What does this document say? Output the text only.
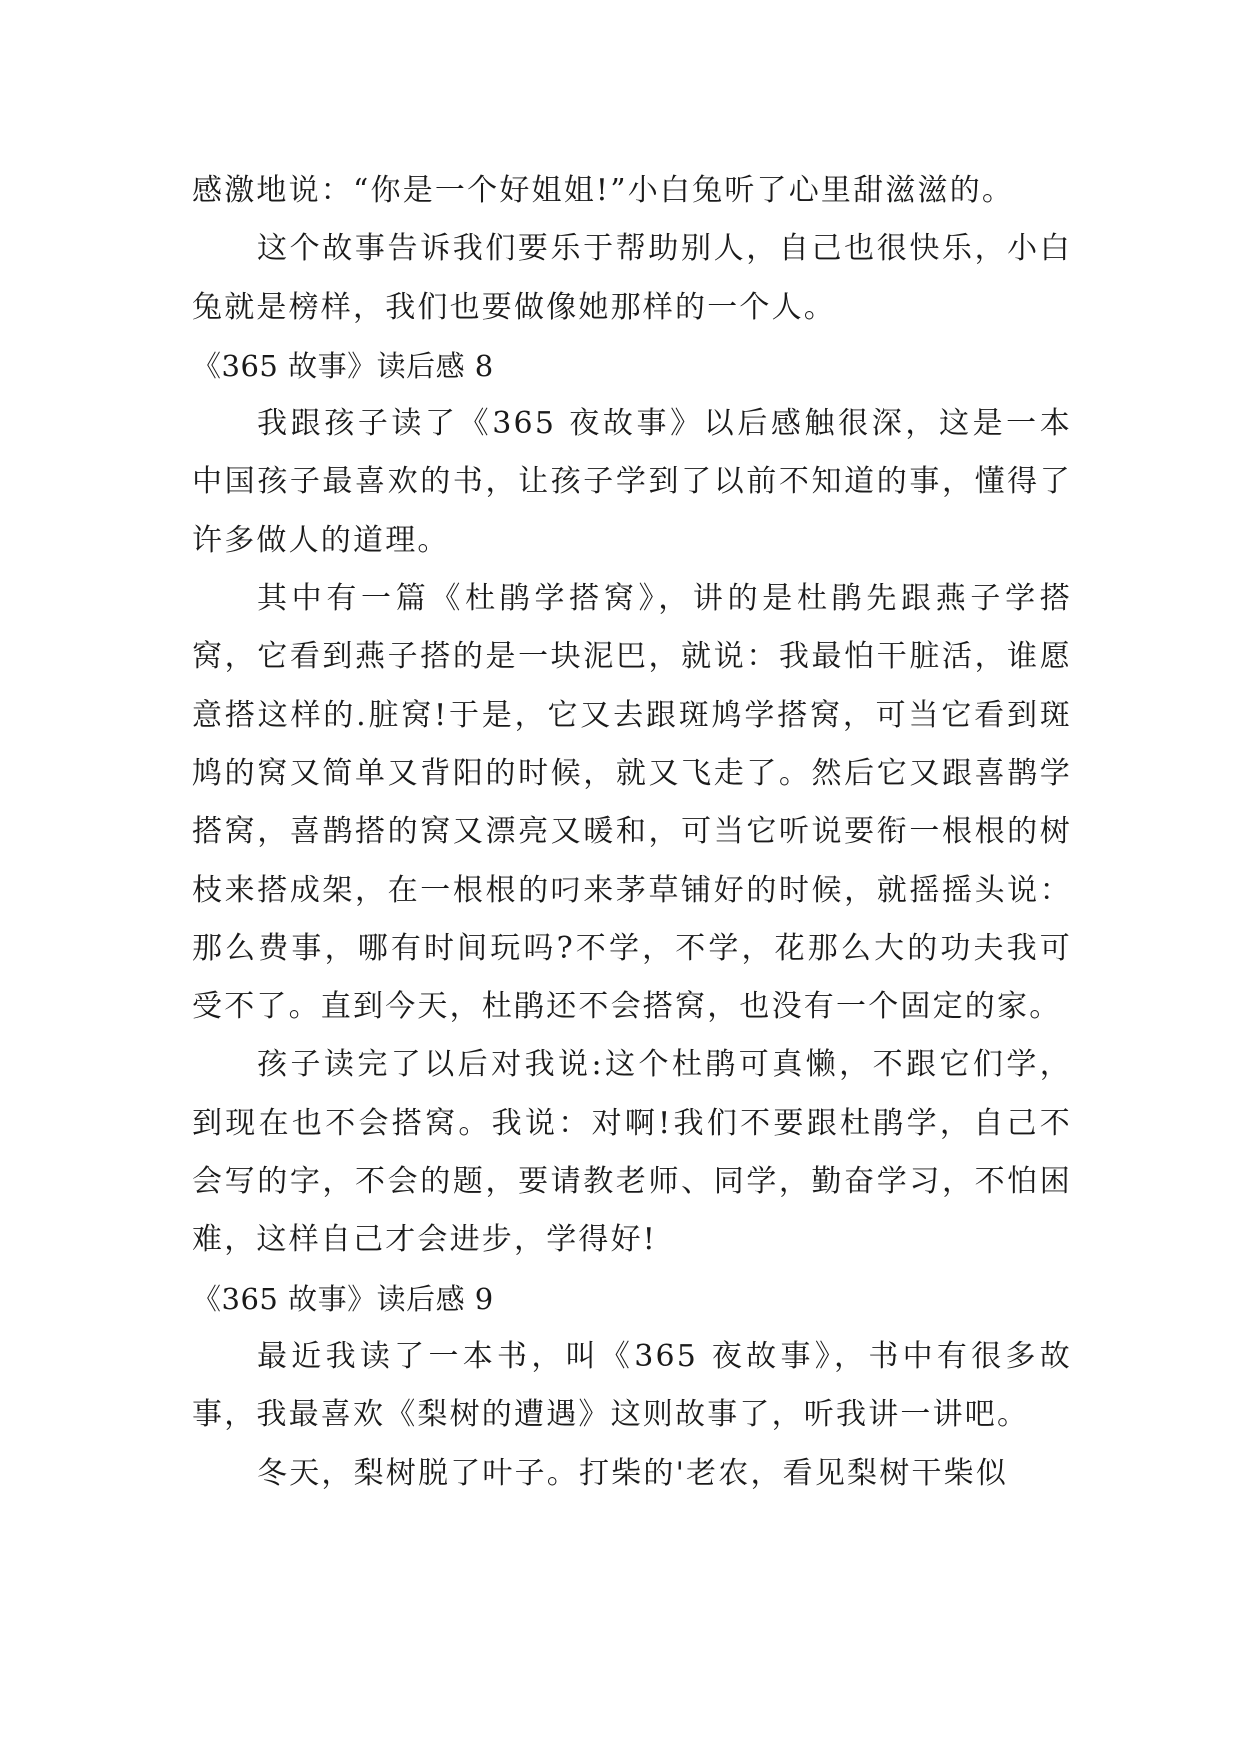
感激地说：“你是一个好姐姐!”小白兔听了心里甜滋滋的。

这个故事告诉我们要乐于帮助别人，自己也很快乐，小白兔就是榜样，我们也要做像她那样的一个人。

《365 故事》读后感 8

我跟孩子读了《365 夜故事》以后感触很深，这是一本中国孩子最喜欢的书，让孩子学到了以前不知道的事，懂得了许多做人的道理。

其中有一篇《杜鹃学搭窝》，讲的是杜鹃先跟燕子学搭窝，它看到燕子搭的是一块泥巴，就说：我最怕干脏活，谁愿意搭这样的.脏窝!于是，它又去跟斑鸠学搭窝，可当它看到斑鸠的窝又简单又背阳的时候，就又飞走了。然后它又跟喜鹊学搭窝，喜鹊搭的窝又漂亮又暖和，可当它听说要衔一根根的树枝来搭成架，在一根根的叼来茅草铺好的时候，就摇摇头说：那么费事，哪有时间玩吗?不学，不学，花那么大的功夫我可受不了。直到今天，杜鹃还不会搭窝，也没有一个固定的家。

孩子读完了以后对我说:这个杜鹃可真懒，不跟它们学，到现在也不会搭窝。我说：对啊!我们不要跟杜鹃学，自己不会写的字，不会的题，要请教老师、同学，勤奋学习，不怕困难，这样自己才会进步，学得好!

《365 故事》读后感 9

最近我读了一本书，叫《365 夜故事》，书中有很多故事，我最喜欢《梨树的遭遇》这则故事了，听我讲一讲吧。

冬天，梨树脱了叶子。打柴的'老农，看见梨树干柴似
